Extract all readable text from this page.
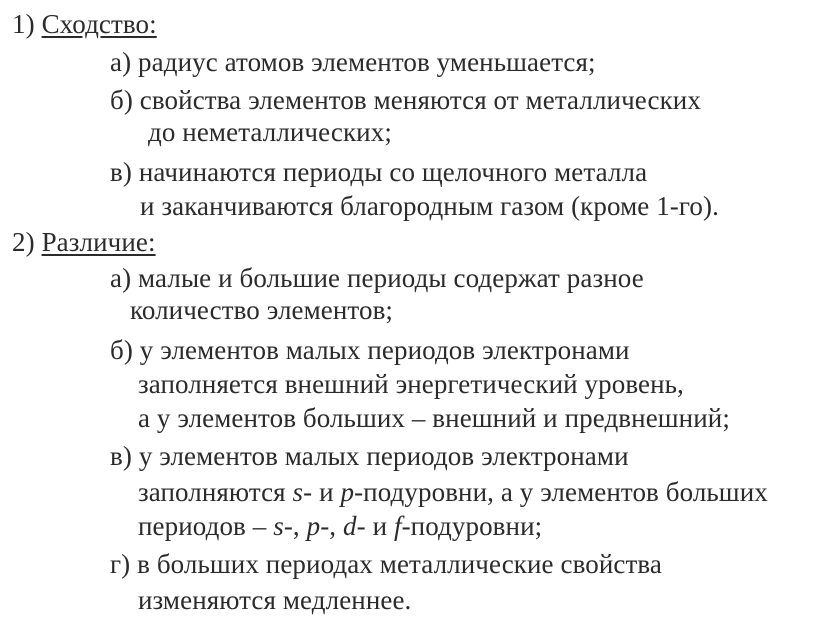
1) Сходство:
а) радиус атомов элементов уменьшается;
б) свойства элементов меняются от металлических
до неметаллических;
в) начинаются периоды со щелочного металла
и заканчиваются благородным газом (кроме 1-го).
2) Различие:
а) малые и большие периоды содержат разное
количество элементов;
б) у элементов малых периодов электронами
заполняется внешний энергетический уровень,
а у элементов больших – внешний и предвнешний;
в) у элементов малых периодов электронами
заполняются s- и p-подуровни, а у элементов больших
периодов – s-, p-, d- и f-подуровни;
г) в больших периодах металлические свойства
изменяются медленнее.
